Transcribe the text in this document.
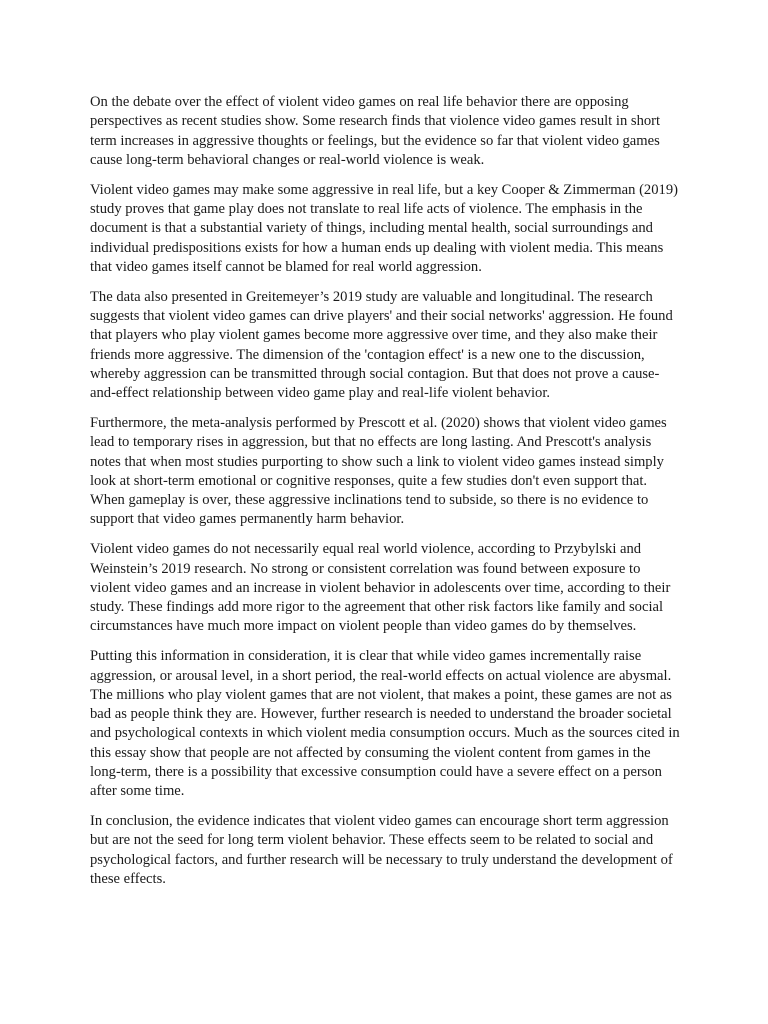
On the debate over the effect of violent video games on real life behavior there are opposing perspectives as recent studies show. Some research finds that violence video games result in short term increases in aggressive thoughts or feelings, but the evidence so far that violent video games cause long-term behavioral changes or real-world violence is weak.

Violent video games may make some aggressive in real life, but a key Cooper & Zimmerman (2019) study proves that game play does not translate to real life acts of violence. The emphasis in the document is that a substantial variety of things, including mental health, social surroundings and individual predispositions exists for how a human ends up dealing with violent media. This means that video games itself cannot be blamed for real world aggression.

The data also presented in Greitemeyer’s 2019 study are valuable and longitudinal. The research suggests that violent video games can drive players' and their social networks' aggression. He found that players who play violent games become more aggressive over time, and they also make their friends more aggressive. The dimension of the 'contagion effect' is a new one to the discussion, whereby aggression can be transmitted through social contagion. But that does not prove a cause-and-effect relationship between video game play and real-life violent behavior.

Furthermore, the meta-analysis performed by Prescott et al. (2020) shows that violent video games lead to temporary rises in aggression, but that no effects are long lasting. And Prescott's analysis notes that when most studies purporting to show such a link to violent video games instead simply look at short-term emotional or cognitive responses, quite a few studies don't even support that. When gameplay is over, these aggressive inclinations tend to subside, so there is no evidence to support that video games permanently harm behavior.

Violent video games do not necessarily equal real world violence, according to Przybylski and Weinstein’s 2019 research. No strong or consistent correlation was found between exposure to violent video games and an increase in violent behavior in adolescents over time, according to their study. These findings add more rigor to the agreement that other risk factors like family and social circumstances have much more impact on violent people than video games do by themselves.

Putting this information in consideration, it is clear that while video games incrementally raise aggression, or arousal level, in a short period, the real-world effects on actual violence are abysmal. The millions who play violent games that are not violent, that makes a point, these games are not as bad as people think they are. However, further research is needed to understand the broader societal and psychological contexts in which violent media consumption occurs. Much as the sources cited in this essay show that people are not affected by consuming the violent content from games in the long-term, there is a possibility that excessive consumption could have a severe effect on a person after some time.

In conclusion, the evidence indicates that violent video games can encourage short term aggression but are not the seed for long term violent behavior. These effects seem to be related to social and psychological factors, and further research will be necessary to truly understand the development of these effects.
